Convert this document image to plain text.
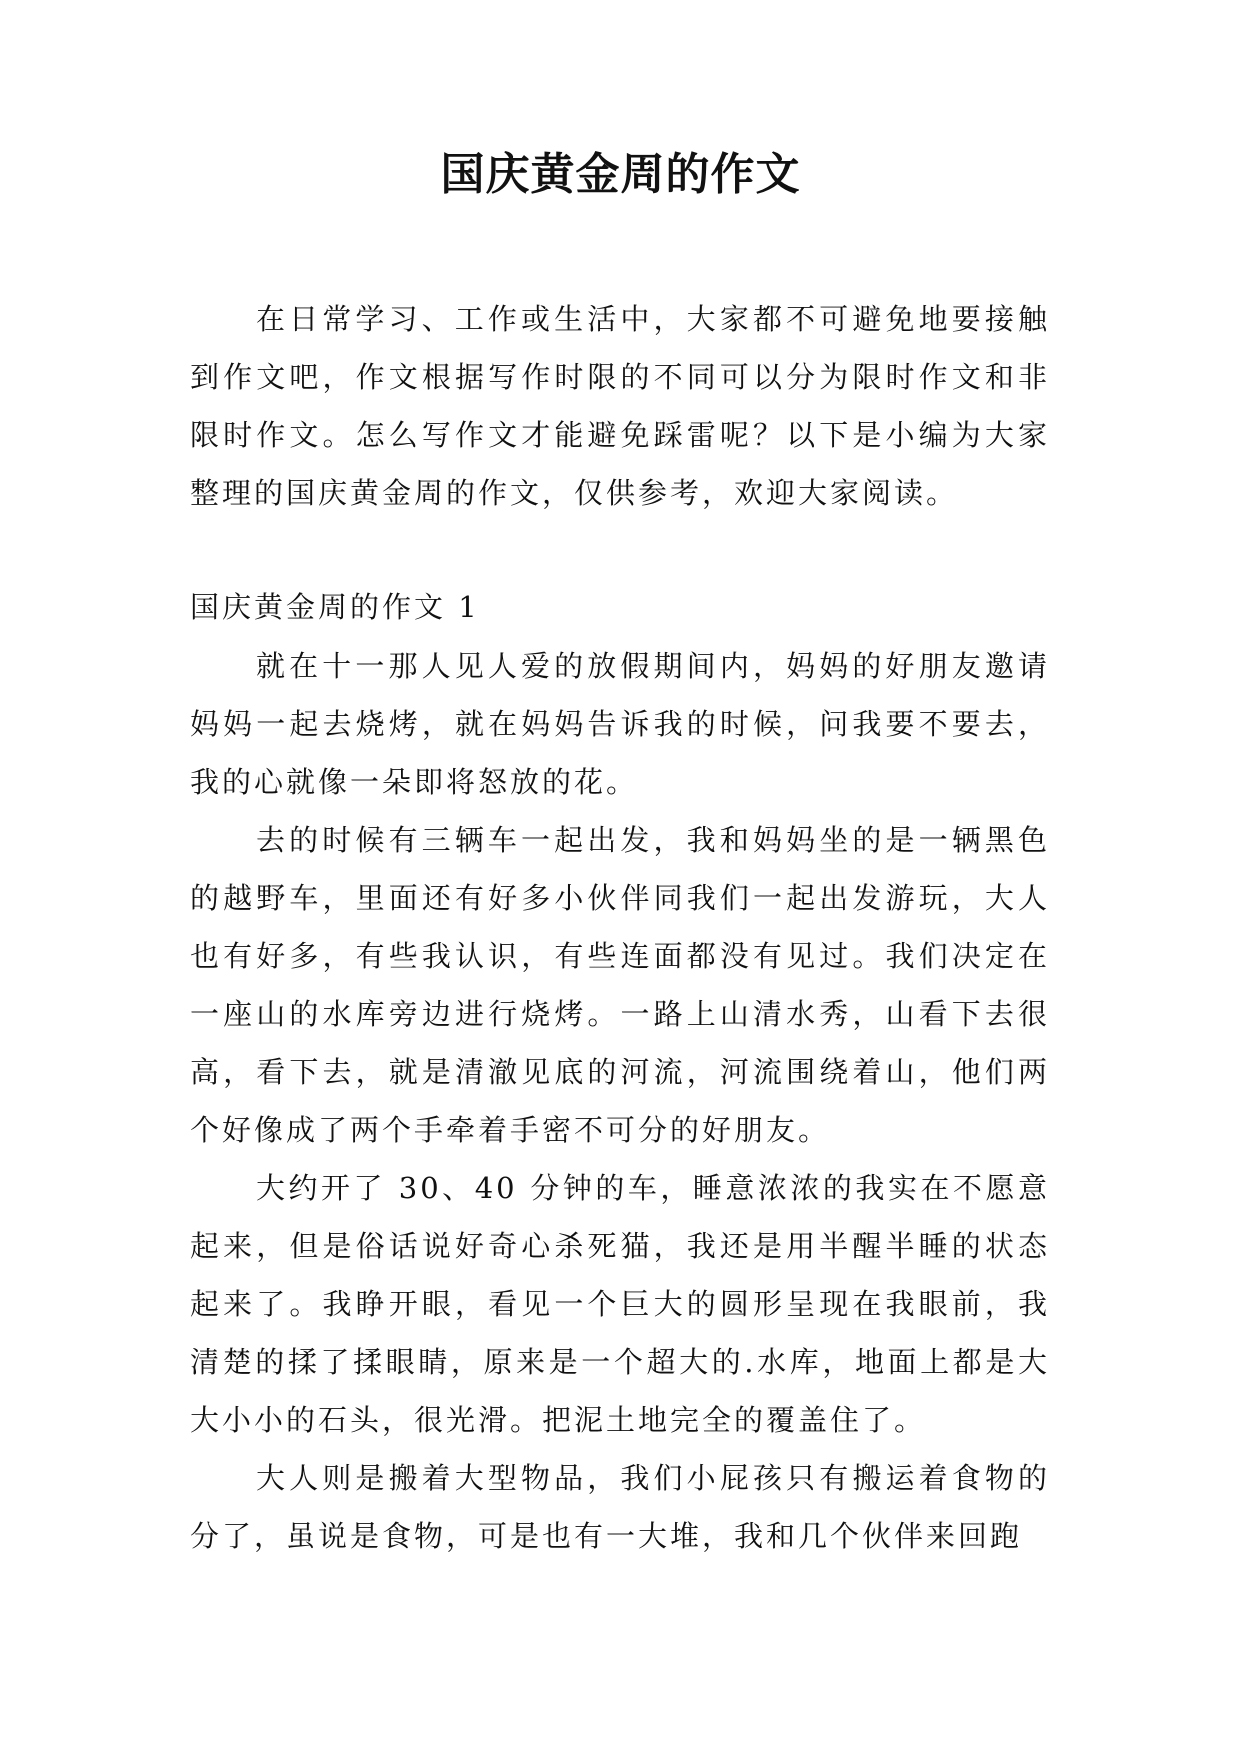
国庆黄金周的作文

在日常学习、工作或生活中，大家都不可避免地要接触到作文吧，作文根据写作时限的不同可以分为限时作文和非限时作文。怎么写作文才能避免踩雷呢？以下是小编为大家整理的国庆黄金周的作文，仅供参考，欢迎大家阅读。

国庆黄金周的作文 1

就在十一那人见人爱的放假期间内，妈妈的好朋友邀请妈妈一起去烧烤，就在妈妈告诉我的时候，问我要不要去，我的心就像一朵即将怒放的花。

去的时候有三辆车一起出发，我和妈妈坐的是一辆黑色的越野车，里面还有好多小伙伴同我们一起出发游玩，大人也有好多，有些我认识，有些连面都没有见过。我们决定在一座山的水库旁边进行烧烤。一路上山清水秀，山看下去很高，看下去，就是清澈见底的河流，河流围绕着山，他们两个好像成了两个手牵着手密不可分的好朋友。

大约开了 30、40 分钟的车，睡意浓浓的我实在不愿意起来，但是俗话说好奇心杀死猫，我还是用半醒半睡的状态起来了。我睁开眼，看见一个巨大的圆形呈现在我眼前，我清楚的揉了揉眼睛，原来是一个超大的.水库，地面上都是大大小小的石头，很光滑。把泥土地完全的覆盖住了。

大人则是搬着大型物品，我们小屁孩只有搬运着食物的分了，虽说是食物，可是也有一大堆，我和几个伙伴来回跑
